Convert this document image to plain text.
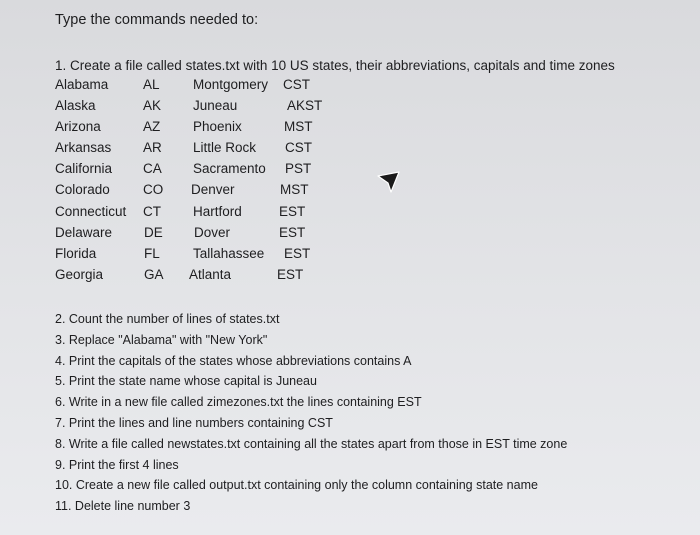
Type the commands needed to:
1. Create a file called states.txt with 10 US states, their abbreviations, capitals and time zones
Alabama	AL Montgomery CST
Alaska	AK Juneau	AKST
Arizona	AZ Phoenix	MST
Arkansas AR Little Rock CST
California CA Sacramento PST
Colorado CO Denver	MST
Connecticut CT Hartford	EST
Delaware DE Dover	EST
Florida	FL Tallahassee EST
Georgia	GA Atlanta	EST
2. Count the number of lines of states.txt
3. Replace "Alabama" with "New York"
4. Print the capitals of the states whose abbreviations contains A
5. Print the state name whose capital is Juneau
6. Write in a new file called zimezones.txt the lines containing EST
7. Print the lines and line numbers containing CST
8. Write a file called newstates.txt containing all the states apart from those in EST time zone
9. Print the first 4 lines
10. Create a new file called output.txt containing only the column containing state name
11. Delete line number 3
